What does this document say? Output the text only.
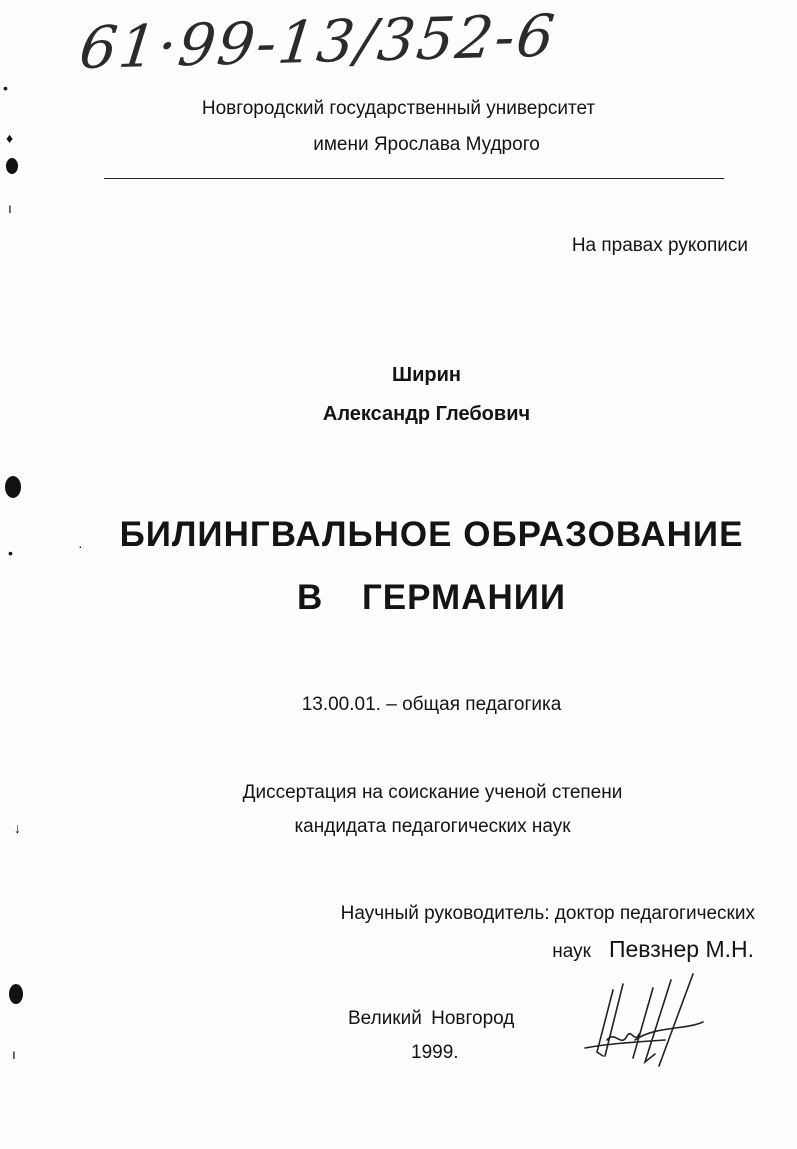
61·99-13/352-6
Новгородский государственный университет
имени Ярослава Мудрого
На правах рукописи
Ширин
Александр Глебович
БИЛИНГВАЛЬНОЕ ОБРАЗОВАНИЕ
В ГЕРМАНИИ
13.00.01. – общая педагогика
Диссертация на соискание ученой степени
кандидата педагогических наук
Научный руководитель: доктор педагогических
наук Певзнер М.Н.
Великий Новгород
1999.
•
♦
ı
•	·
↓
ı
